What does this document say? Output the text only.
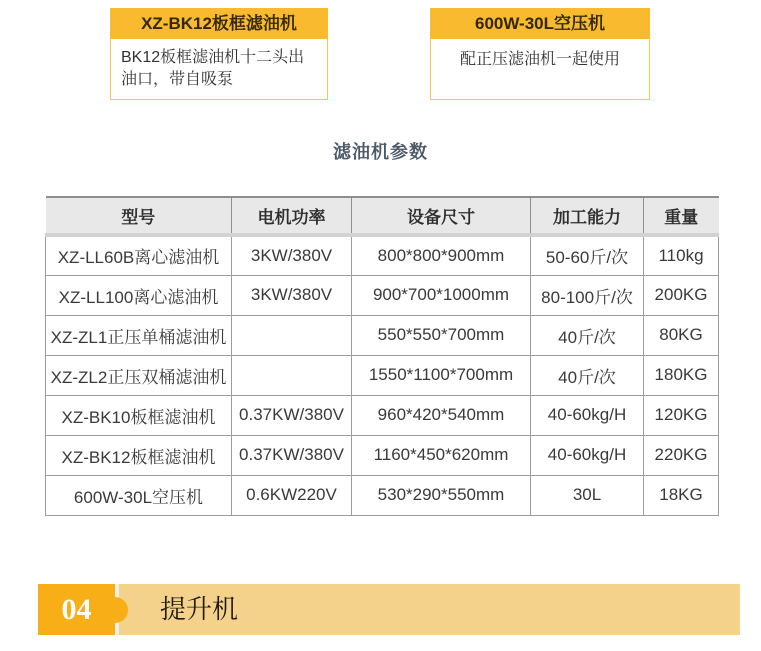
XZ-BK12板框滤油机
BK12板框滤油机十二头出油口，带自吸泵
600W-30L空压机
配正压滤油机一起使用
滤油机参数
型号	电机功率	设备尺寸	加工能力	重量
XZ-LL60B离心滤油机	3KW/380V	800*800*900mm	50-60斤/次	110kg
XZ-LL100离心滤油机	3KW/380V	900*700*1000mm	80-100斤/次	200KG
XZ-ZL1正压单桶滤油机		550*550*700mm	40斤/次	80KG
XZ-ZL2正压双桶滤油机		1550*1100*700mm	40斤/次	180KG
XZ-BK10板框滤油机	0.37KW/380V	960*420*540mm	40-60kg/H	120KG
XZ-BK12板框滤油机	0.37KW/380V	1160*450*620mm	40-60kg/H	220KG
600W-30L空压机	0.6KW220V	530*290*550mm	30L	18KG
04	提升机
